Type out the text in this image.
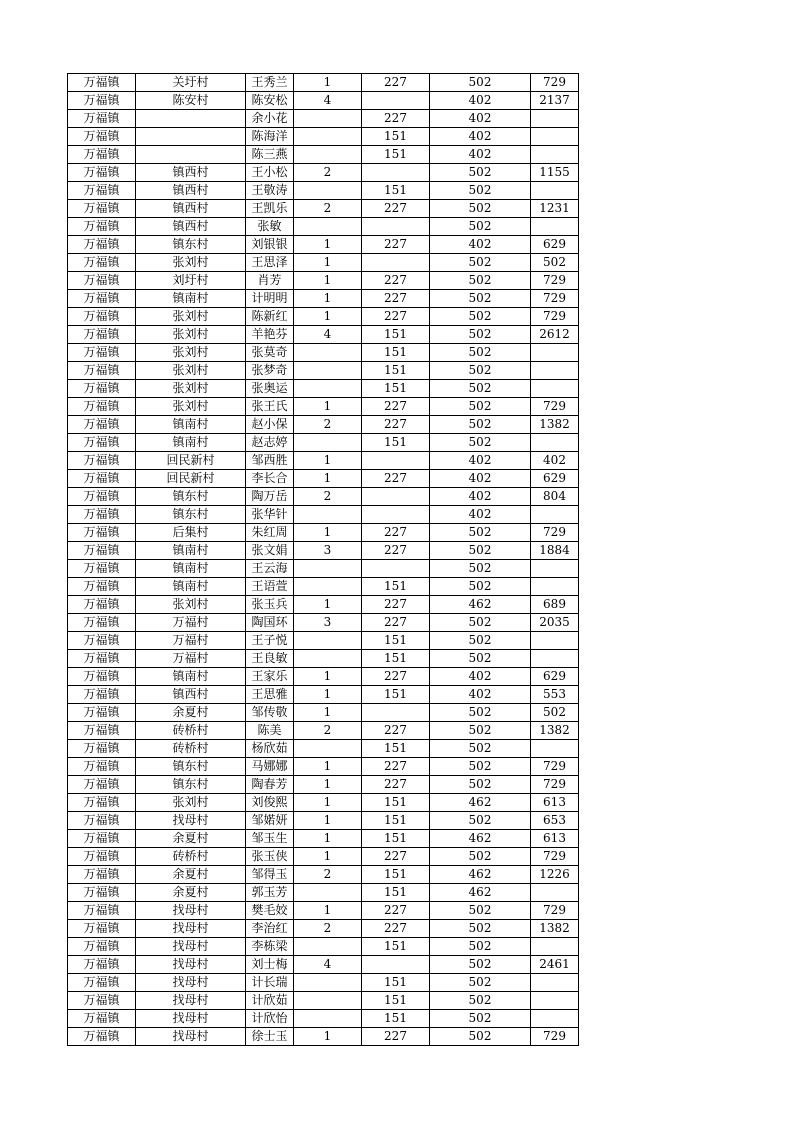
万福镇	关圩村	王秀兰	1	227	502	729
万福镇	陈安村	陈安松	4		402	2137
万福镇		余小花		227	402	
万福镇		陈海洋		151	402	
万福镇		陈三燕		151	402	
万福镇	镇西村	王小松	2		502	1155
万福镇	镇西村	王敬涛		151	502	
万福镇	镇西村	王凯乐	2	227	502	1231
万福镇	镇西村	张敏			502	
万福镇	镇东村	刘银银	1	227	402	629
万福镇	张刘村	王思泽	1		502	502
万福镇	刘圩村	肖芳	1	227	502	729
万福镇	镇南村	计明明	1	227	502	729
万福镇	张刘村	陈新红	1	227	502	729
万福镇	张刘村	羊艳芬	4	151	502	2612
万福镇	张刘村	张莫奇		151	502	
万福镇	张刘村	张梦奇		151	502	
万福镇	张刘村	张奥运		151	502	
万福镇	张刘村	张王氏	1	227	502	729
万福镇	镇南村	赵小保	2	227	502	1382
万福镇	镇南村	赵志婷		151	502	
万福镇	回民新村	邹西胜	1		402	402
万福镇	回民新村	李长合	1	227	402	629
万福镇	镇东村	陶万岳	2		402	804
万福镇	镇东村	张华针			402	
万福镇	后集村	朱红周	1	227	502	729
万福镇	镇南村	张文娟	3	227	502	1884
万福镇	镇南村	王云海			502	
万福镇	镇南村	王语萱		151	502	
万福镇	张刘村	张玉兵	1	227	462	689
万福镇	万福村	陶国环	3	227	502	2035
万福镇	万福村	王子悦		151	502	
万福镇	万福村	王良敏		151	502	
万福镇	镇南村	王家乐	1	227	402	629
万福镇	镇西村	王思雅	1	151	402	553
万福镇	余夏村	邹传敬	1		502	502
万福镇	砖桥村	陈美	2	227	502	1382
万福镇	砖桥村	杨欣茹		151	502	
万福镇	镇东村	马娜娜	1	227	502	729
万福镇	镇东村	陶春芳	1	227	502	729
万福镇	张刘村	刘俊熙	1	151	462	613
万福镇	找母村	邹婼妍	1	151	502	653
万福镇	余夏村	邹玉生	1	151	462	613
万福镇	砖桥村	张玉侠	1	227	502	729
万福镇	余夏村	邹得玉	2	151	462	1226
万福镇	余夏村	郭玉芳		151	462	
万福镇	找母村	樊毛姣	1	227	502	729
万福镇	找母村	李治红	2	227	502	1382
万福镇	找母村	李栋梁		151	502	
万福镇	找母村	刘士梅	4		502	2461
万福镇	找母村	计长瑞		151	502	
万福镇	找母村	计欣茹		151	502	
万福镇	找母村	计欣怡		151	502	
万福镇	找母村	徐士玉	1	227	502	729
